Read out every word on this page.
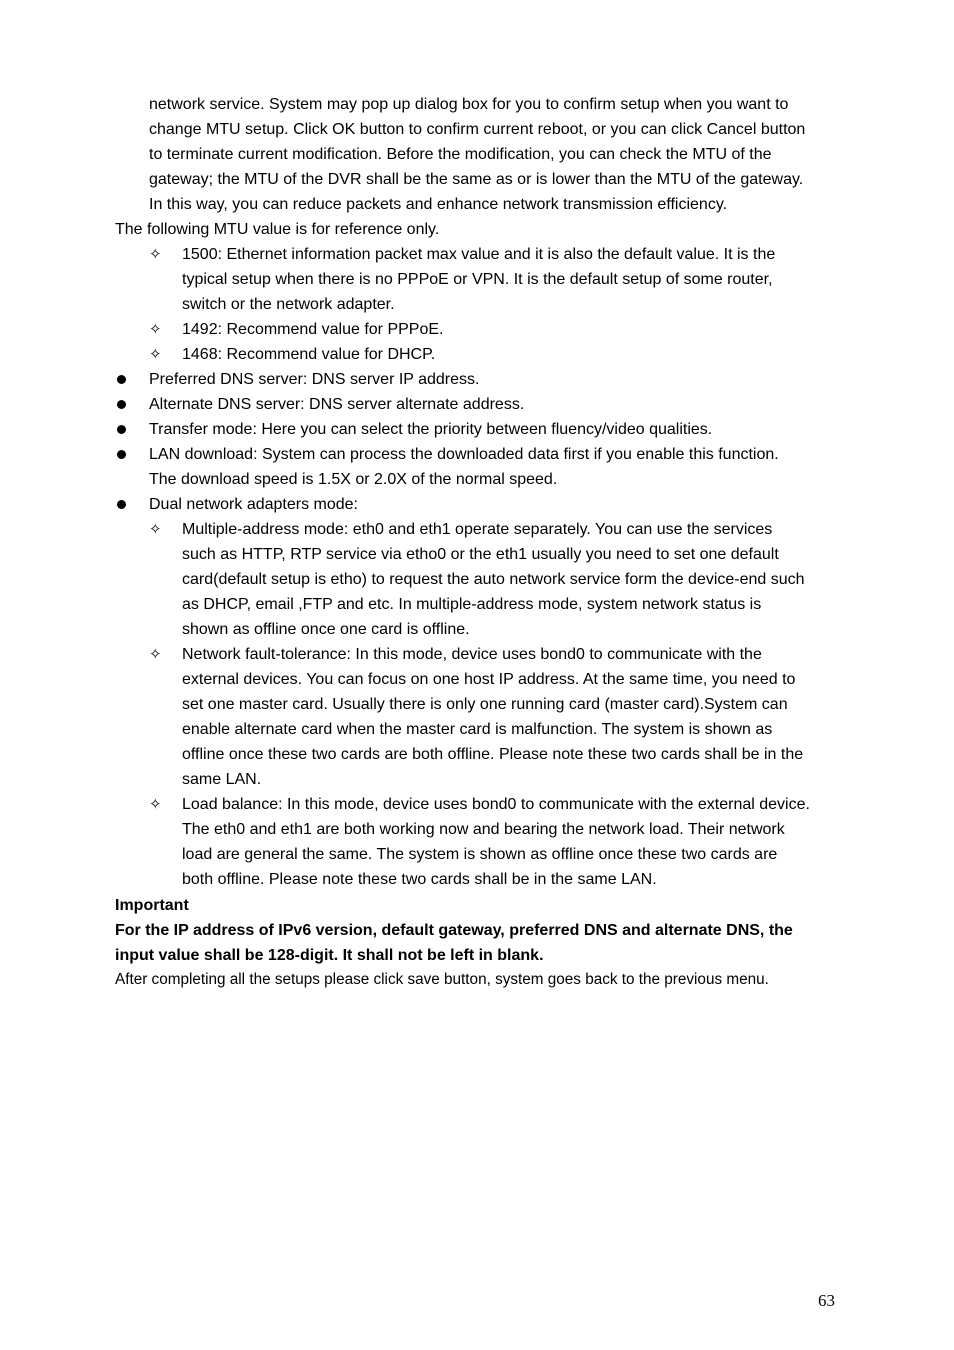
network service. System may pop up dialog box for you to confirm setup when you want to
change MTU setup. Click OK button to confirm current reboot, or you can click Cancel button
to terminate current modification. Before the modification, you can check the MTU of the
gateway; the MTU of the DVR shall be the same as or is lower than the MTU of the gateway.
In this way, you can reduce packets and enhance network transmission efficiency.
The following MTU value is for reference only.
✧ 1500: Ethernet information packet max value and it is also the default value. It is the
typical setup when there is no PPPoE or VPN. It is the default setup of some router,
switch or the network adapter.
✧ 1492: Recommend value for PPPoE.
✧ 1468: Recommend value for DHCP.
Preferred DNS server: DNS server IP address.
Alternate DNS server: DNS server alternate address.
Transfer mode: Here you can select the priority between fluency/video qualities.
LAN download: System can process the downloaded data first if you enable this function.
The download speed is 1.5X or 2.0X of the normal speed.
Dual network adapters mode:
✧ Multiple-address mode: eth0 and eth1 operate separately. You can use the services
such as HTTP, RTP service via etho0 or the eth1 usually you need to set one default
card(default setup is etho) to request the auto network service form the device-end such
as DHCP, email ,FTP and etc. In multiple-address mode, system network status is
shown as offline once one card is offline.
✧ Network fault-tolerance: In this mode, device uses bond0 to communicate with the
external devices. You can focus on one host IP address. At the same time, you need to
set one master card. Usually there is only one running card (master card).System can
enable alternate card when the master card is malfunction. The system is shown as
offline once these two cards are both offline. Please note these two cards shall be in the
same LAN.
✧ Load balance: In this mode, device uses bond0 to communicate with the external device.
The eth0 and eth1 are both working now and bearing the network load. Their network
load are general the same. The system is shown as offline once these two cards are
both offline. Please note these two cards shall be in the same LAN.
Important
For the IP address of IPv6 version, default gateway, preferred DNS and alternate DNS, the
input value shall be 128-digit. It shall not be left in blank.
After completing all the setups please click save button, system goes back to the previous menu.
63
